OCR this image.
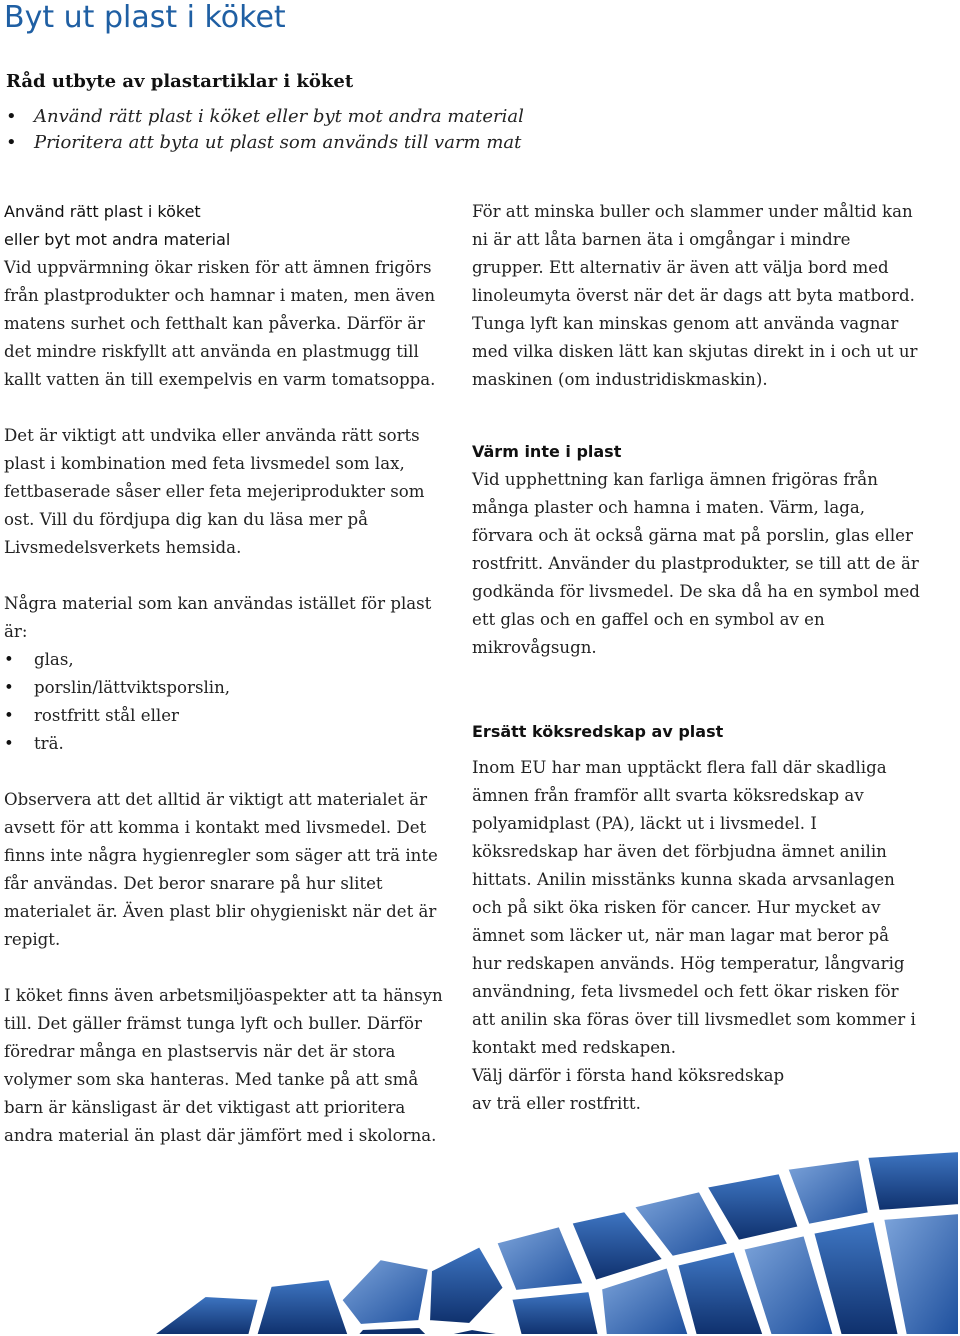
Byt ut plast i köket
Råd utbyte av plastartiklar i köket
• Använd rätt plast i köket eller byt mot andra material
• Prioritera att byta ut plast som används till varm mat

Använd rätt plast i köket

eller byt mot andra material

Vid uppvärmning ökar risken för att ämnen frigörs från plastprodukter och hamnar i maten, men även matens surhet och fetthalt kan påverka. Därför är det mindre riskfyllt att använda en plastmugg till kallt vatten än till exempelvis en varm tomatsoppa.

Det är viktigt att undvika eller använda rätt sorts plast i kombination med feta livsmedel som lax, fettbaserade såser eller feta mejeriprodukter som ost. Vill du fördjupa dig kan du läsa mer på Livsmedelsverkets hemsida.

Några material som kan användas istället för plast är:

• glas,
• porslin/lättviktsporslin,
• rostfritt stål eller
• trä.

Observera att det alltid är viktigt att materialet är avsett för att komma i kontakt med livsmedel. Det finns inte några hygienregler som säger att trä inte får användas. Det beror snarare på hur slitet materialet är. Även plast blir ohygieniskt när det är repigt.

I köket finns även arbetsmiljöaspekter att ta hänsyn till. Det gäller främst tunga lyft och buller. Därför föredrar många en plastservis när det är stora volymer som ska hanteras. Med tanke på att små barn är känsligast är det viktigast att prioritera andra material än plast där jämfört med i skolorna.

För att minska buller och slammer under måltid kan ni är att låta barnen äta i omgångar i mindre grupper. Ett alternativ är även att välja bord med linoleumyta överst när det är dags att byta matbord. Tunga lyft kan minskas genom att använda vagnar med vilka disken lätt kan skjutas direkt in i och ut ur maskinen (om industridiskmaskin).

Värm inte i plast

Vid upphettning kan farliga ämnen frigöras från många plaster och hamna i maten. Värm, laga, förvara och ät också gärna mat på porslin, glas eller rostfritt. Använder du plastprodukter, se till att de är godkända för livsmedel. De ska då ha en symbol med ett glas och en gaffel och en symbol av en mikrovågsugn.

Ersätt köksredskap av plast

Inom EU har man upptäckt flera fall där skadliga ämnen från framför allt svarta köksredskap av polyamidplast (PA), läckt ut i livsmedel. I köksredskap har även det förbjudna ämnet anilin hittats. Anilin misstänks kunna skada arvsanlagen och på sikt öka risken för cancer. Hur mycket av ämnet som läcker ut, när man lagar mat beror på hur redskapen används. Hög temperatur, långvarig användning, feta livsmedel och fett ökar risken för att anilin ska föras över till livsmedlet som kommer i kontakt med redskapen.

Välj därför i första hand köksredskap

av trä eller rostfritt.
